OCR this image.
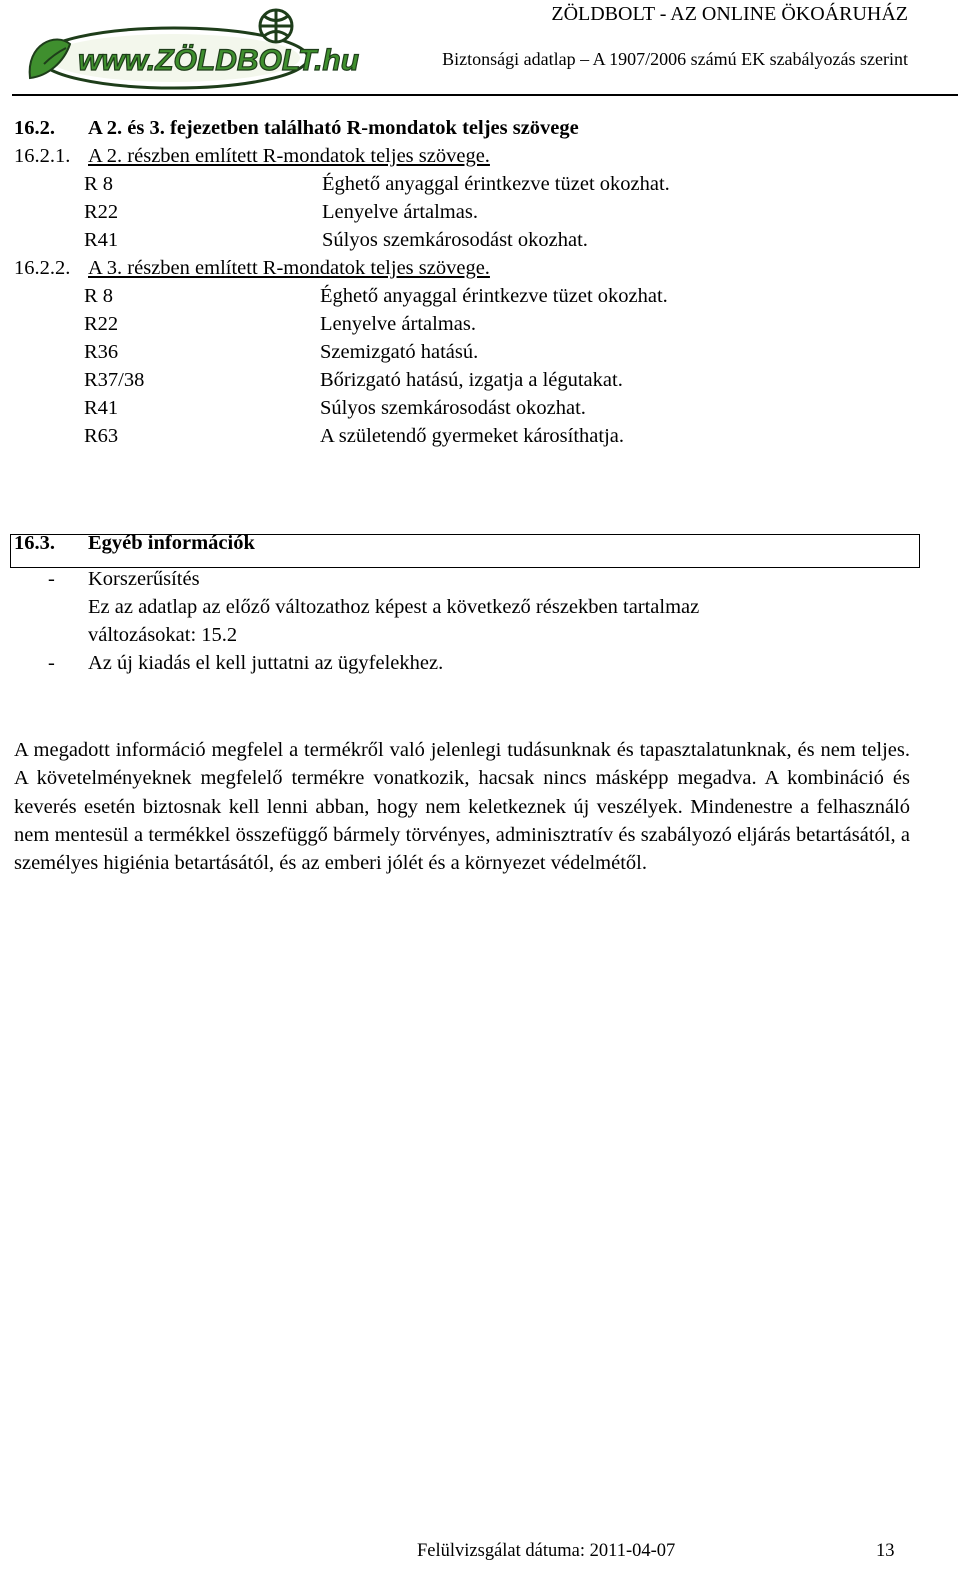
www.ZÖLDBOLT.hu
ZÖLDBOLT - AZ ONLINE ÖKOÁRUHÁZ
Biztonsági adatlap – A 1907/2006 számú EK szabályozás szerint
16.2. A 2. és 3. fejezetben található R-mondatok teljes szövege
16.2.1. A 2. részben említett R-mondatok teljes szövege.
R 8	Éghető anyaggal érintkezve tüzet okozhat.
R22	Lenyelve ártalmas.
R41	Súlyos szemkárosodást okozhat.
16.2.2. A 3. részben említett R-mondatok teljes szövege.
R 8	Éghető anyaggal érintkezve tüzet okozhat.
R22	Lenyelve ártalmas.
R36	Szemizgató hatású.
R37/38	Bőrizgató hatású, izgatja a légutakat.
R41	Súlyos szemkárosodást okozhat.
R63	A születendő gyermeket károsíthatja.
16.3. Egyéb információk
- Korszerűsítés
Ez az adatlap az előző változathoz képest a következő részekben tartalmaz
változásokat: 15.2
- Az új kiadás el kell juttatni az ügyfelekhez.
A megadott információ megfelel a termékről való jelenlegi tudásunknak és tapasztalatunknak, és nem teljes. A követelményeknek megfelelő termékre vonatkozik, hacsak nincs másképp megadva. A kombináció és keverés esetén biztosnak kell lenni abban, hogy nem keletkeznek új veszélyek. Mindenestre a felhasználó nem mentesül a termékkel összefüggő bármely törvényes, adminisztratív és szabályozó eljárás betartásától, a személyes higiénia betartásától, és az emberi jólét és a környezet védelmétől.
Felülvizsgálat dátuma: 2011-04-07	13
